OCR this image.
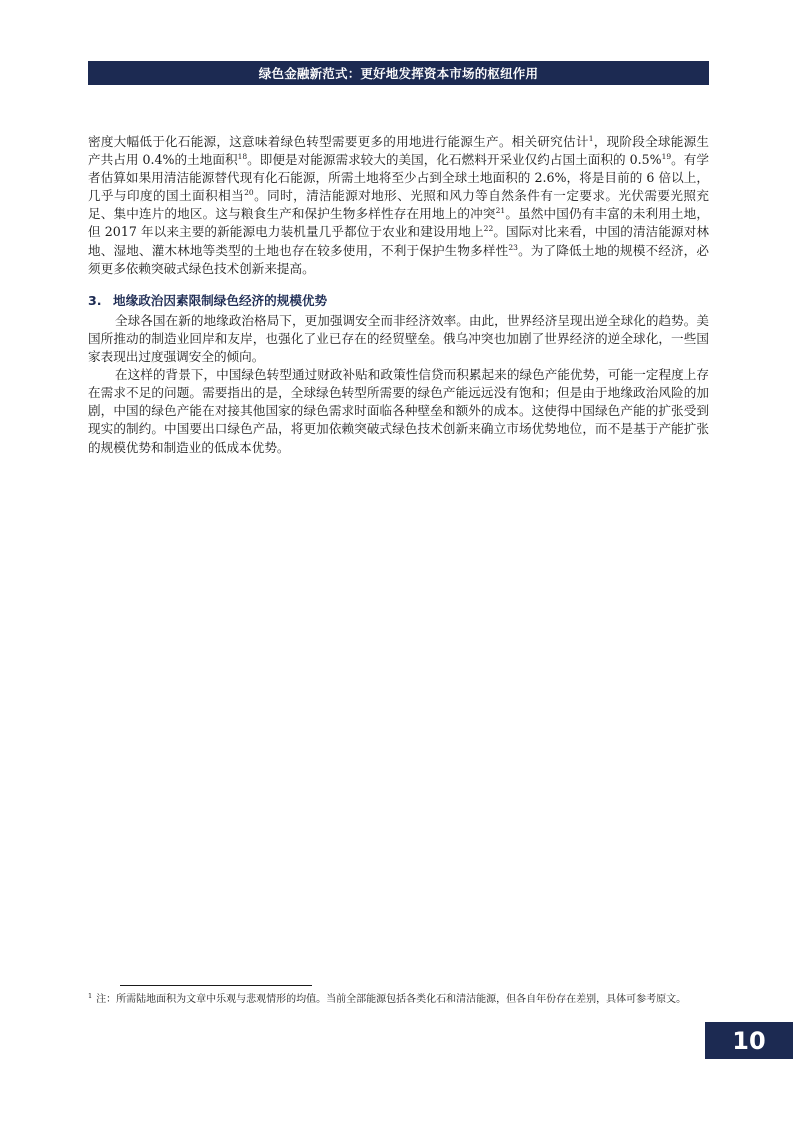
绿色金融新范式：更好地发挥资本市场的枢纽作用

密度大幅低于化石能源，这意味着绿色转型需要更多的用地进行能源生产。相关研究估计$^1$，现阶段全球能源生产共占用 0.4%的土地面积$^{18}$。即便是对能源需求较大的美国，化石燃料开采业仅约占国土面积的 0.5%$^{19}$。有学者估算如果用清洁能源替代现有化石能源，所需土地将至少占到全球土地面积的 2.6%，将是目前的 6 倍以上，几乎与印度的国土面积相当$^{20}$。同时，清洁能源对地形、光照和风力等自然条件有一定要求。光伏需要光照充足、集中连片的地区。这与粮食生产和保护生物多样性存在用地上的冲突$^{21}$。虽然中国仍有丰富的未利用土地，但 2017 年以来主要的新能源电力装机量几乎都位于农业和建设用地上$^{22}$。国际对比来看，中国的清洁能源对林地、湿地、灌木林地等类型的土地也存在较多使用，不利于保护生物多样性$^{23}$。为了降低土地的规模不经济，必须更多依赖突破式绿色技术创新来提高。

3. 地缘政治因素限制绿色经济的规模优势

全球各国在新的地缘政治格局下，更加强调安全而非经济效率。由此，世界经济呈现出逆全球化的趋势。美国所推动的制造业回岸和友岸，也强化了业已存在的经贸壁垒。俄乌冲突也加剧了世界经济的逆全球化，一些国家表现出过度强调安全的倾向。

在这样的背景下，中国绿色转型通过财政补贴和政策性信贷而积累起来的绿色产能优势，可能一定程度上存在需求不足的问题。需要指出的是，全球绿色转型所需要的绿色产能远远没有饱和；但是由于地缘政治风险的加剧，中国的绿色产能在对接其他国家的绿色需求时面临各种壁垒和额外的成本。这使得中国绿色产能的扩张受到现实的制约。中国要出口绿色产品，将更加依赖突破式绿色技术创新来确立市场优势地位，而不是基于产能扩张的规模优势和制造业的低成本优势。

$^1$ 注：所需陆地面积为文章中乐观与悲观情形的均值。当前全部能源包括各类化石和清洁能源，但各自年份存在差别，具体可参考原文。
10
